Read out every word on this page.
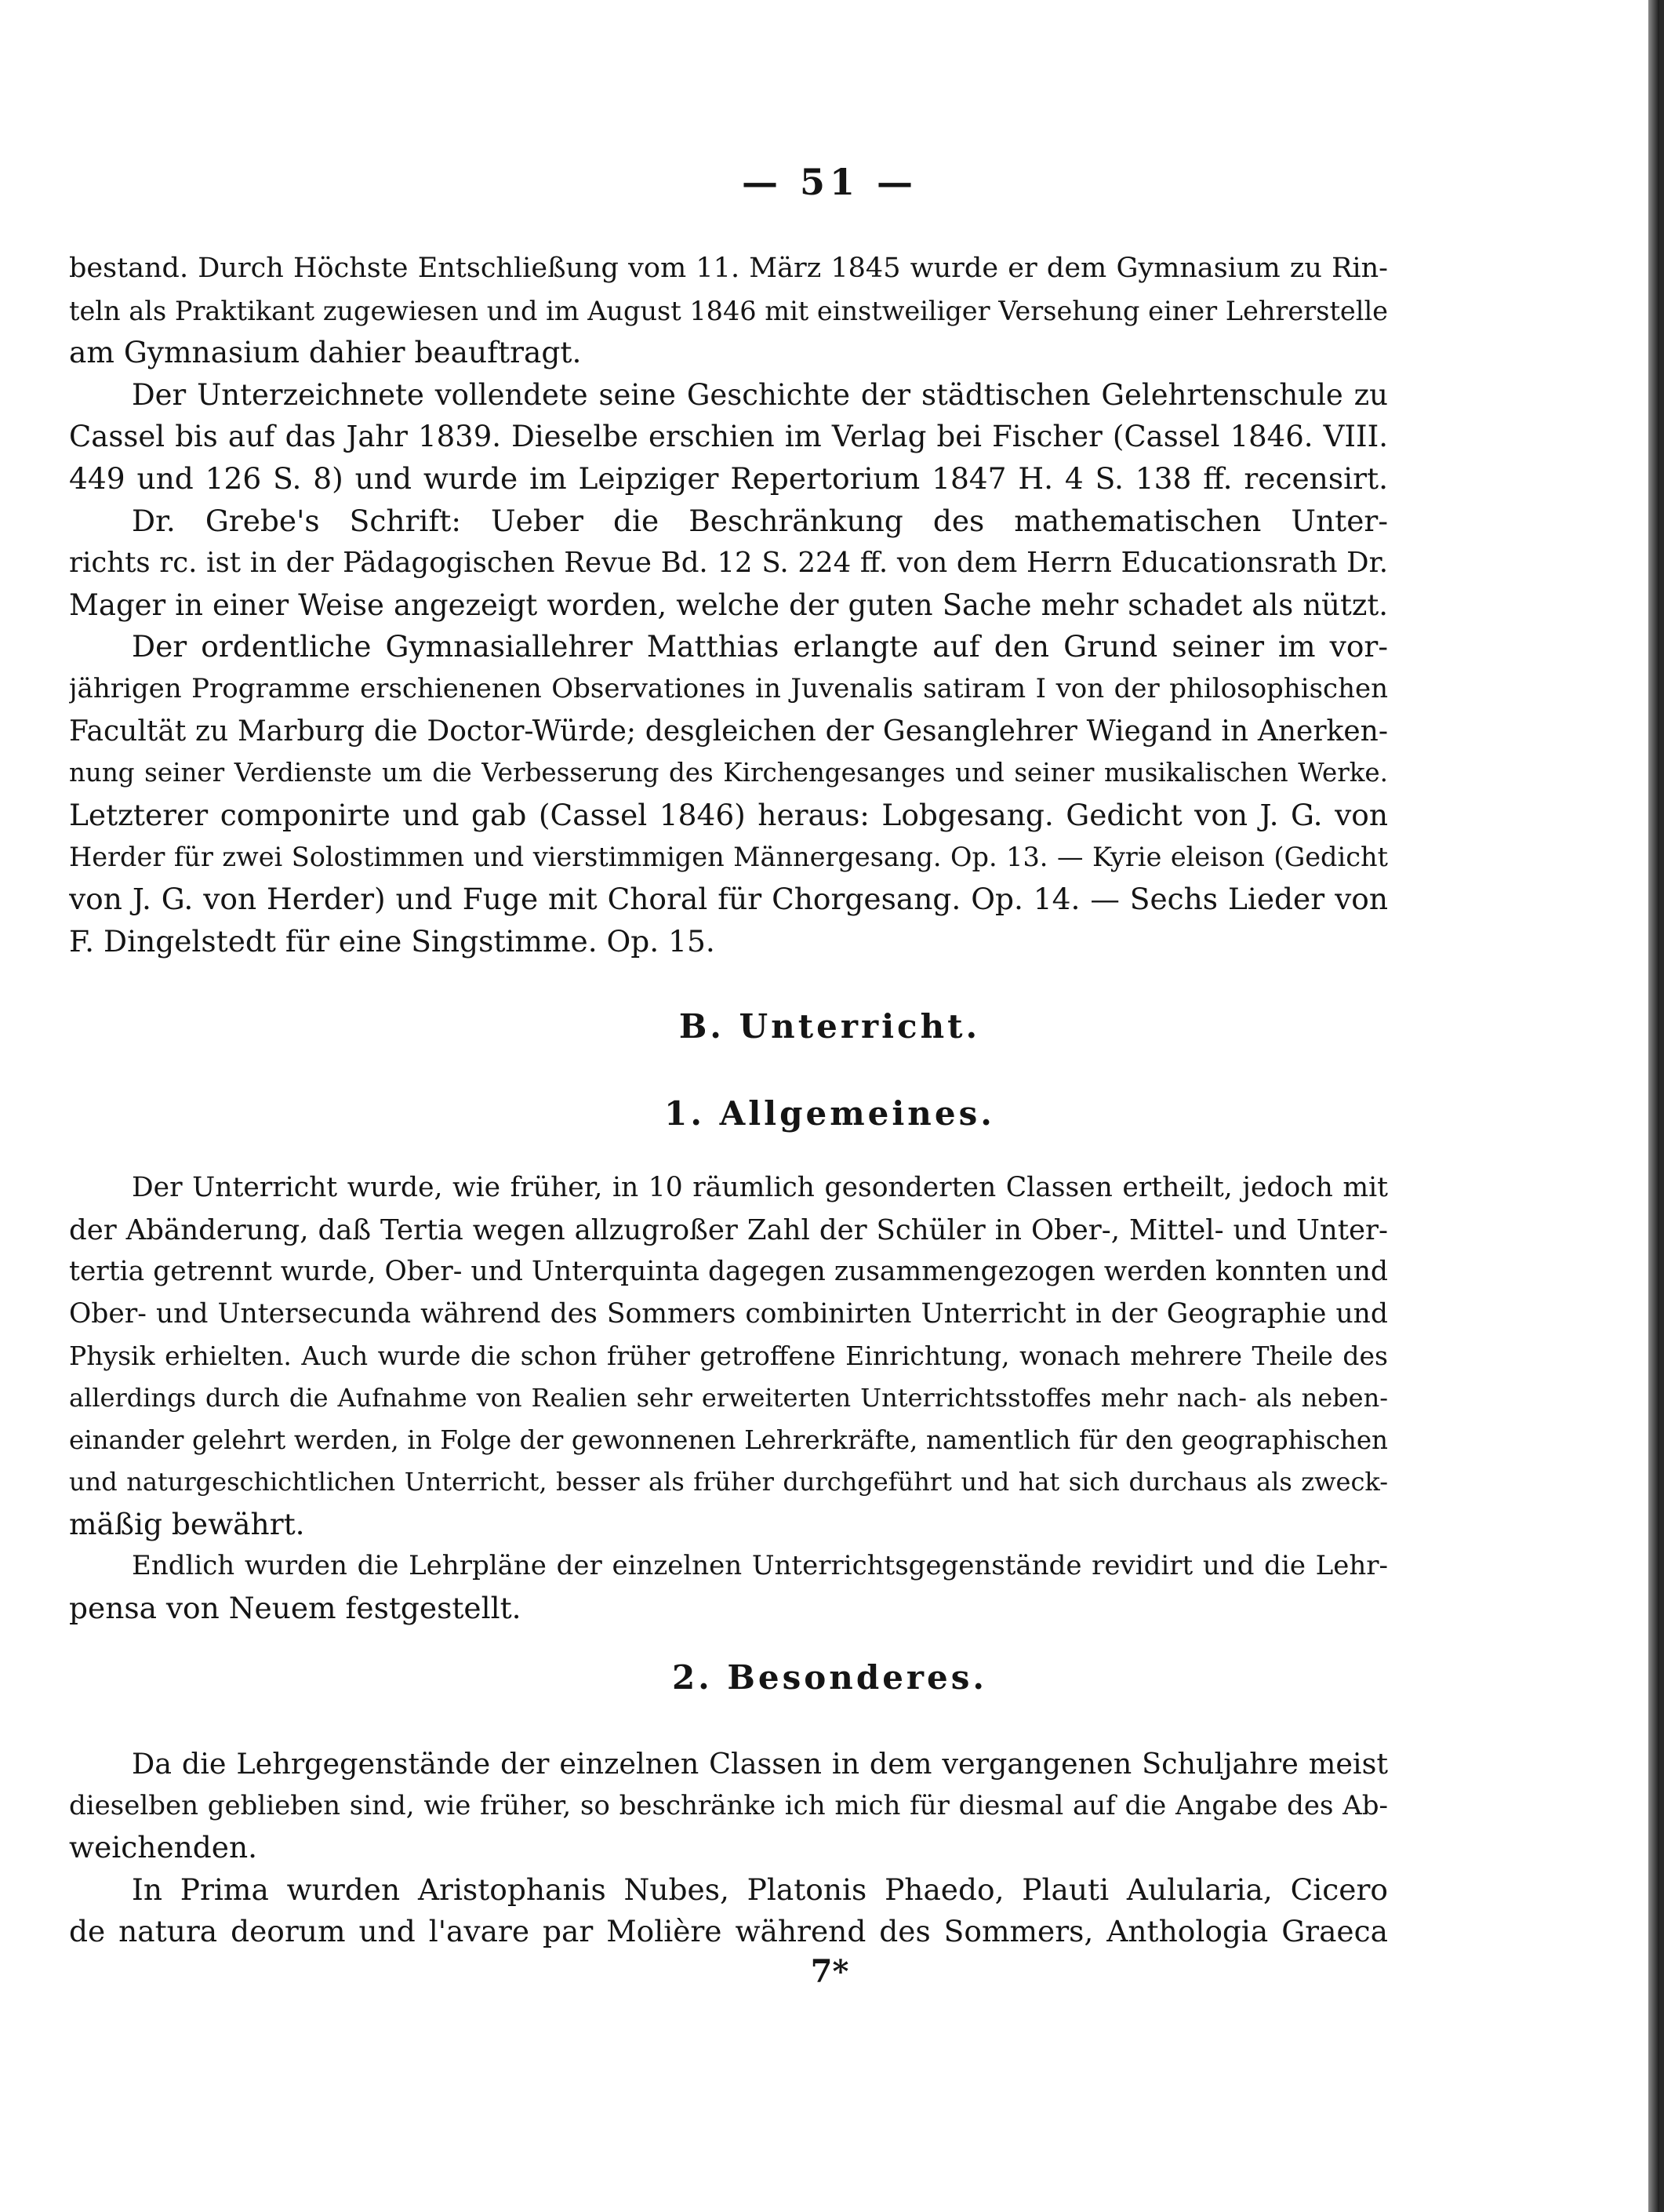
— 51 —

bestand. Durch Höchste Entschließung vom 11. März 1845 wurde er dem Gymnasium zu Rin-
teln als Praktikant zugewiesen und im August 1846 mit einstweiliger Versehung einer Lehrerstelle
am Gymnasium dahier beauftragt.
Der Unterzeichnete vollendete seine Geschichte der städtischen Gelehrtenschule zu
Cassel bis auf das Jahr 1839. Dieselbe erschien im Verlag bei Fischer (Cassel 1846. VIII.
449 und 126 S. 8) und wurde im Leipziger Repertorium 1847 H. 4 S. 138 ff. recensirt.
Dr. Grebe's Schrift: Ueber die Beschränkung des mathematischen Unter-
richts rc. ist in der Pädagogischen Revue Bd. 12 S. 224 ff. von dem Herrn Educationsrath Dr.
Mager in einer Weise angezeigt worden, welche der guten Sache mehr schadet als nützt.
Der ordentliche Gymnasiallehrer Matthias erlangte auf den Grund seiner im vor-
jährigen Programme erschienenen Observationes in Juvenalis satiram I von der philosophischen
Facultät zu Marburg die Doctor-Würde; desgleichen der Gesanglehrer Wiegand in Anerken-
nung seiner Verdienste um die Verbesserung des Kirchengesanges und seiner musikalischen Werke.
Letzterer componirte und gab (Cassel 1846) heraus: Lobgesang. Gedicht von J. G. von
Herder für zwei Solostimmen und vierstimmigen Männergesang. Op. 13. — Kyrie eleison (Gedicht
von J. G. von Herder) und Fuge mit Choral für Chorgesang. Op. 14. — Sechs Lieder von
F. Dingelstedt für eine Singstimme. Op. 15.
B. Unterricht.
1. Allgemeines.
Der Unterricht wurde, wie früher, in 10 räumlich gesonderten Classen ertheilt, jedoch mit
der Abänderung, daß Tertia wegen allzugroßer Zahl der Schüler in Ober-, Mittel- und Unter-
tertia getrennt wurde, Ober- und Unterquinta dagegen zusammengezogen werden konnten und
Ober- und Untersecunda während des Sommers combinirten Unterricht in der Geographie und
Physik erhielten. Auch wurde die schon früher getroffene Einrichtung, wonach mehrere Theile des
allerdings durch die Aufnahme von Realien sehr erweiterten Unterrichtsstoffes mehr nach- als neben-
einander gelehrt werden, in Folge der gewonnenen Lehrerkräfte, namentlich für den geographischen
und naturgeschichtlichen Unterricht, besser als früher durchgeführt und hat sich durchaus als zweck-
mäßig bewährt.
Endlich wurden die Lehrpläne der einzelnen Unterrichtsgegenstände revidirt und die Lehr-
pensa von Neuem festgestellt.
2. Besonderes.
Da die Lehrgegenstände der einzelnen Classen in dem vergangenen Schuljahre meist
dieselben geblieben sind, wie früher, so beschränke ich mich für diesmal auf die Angabe des Ab-
weichenden.
In Prima wurden Aristophanis Nubes, Platonis Phaedo, Plauti Aulularia, Cicero
de natura deorum und l'avare par Molière während des Sommers, Anthologia Graeca
7*
